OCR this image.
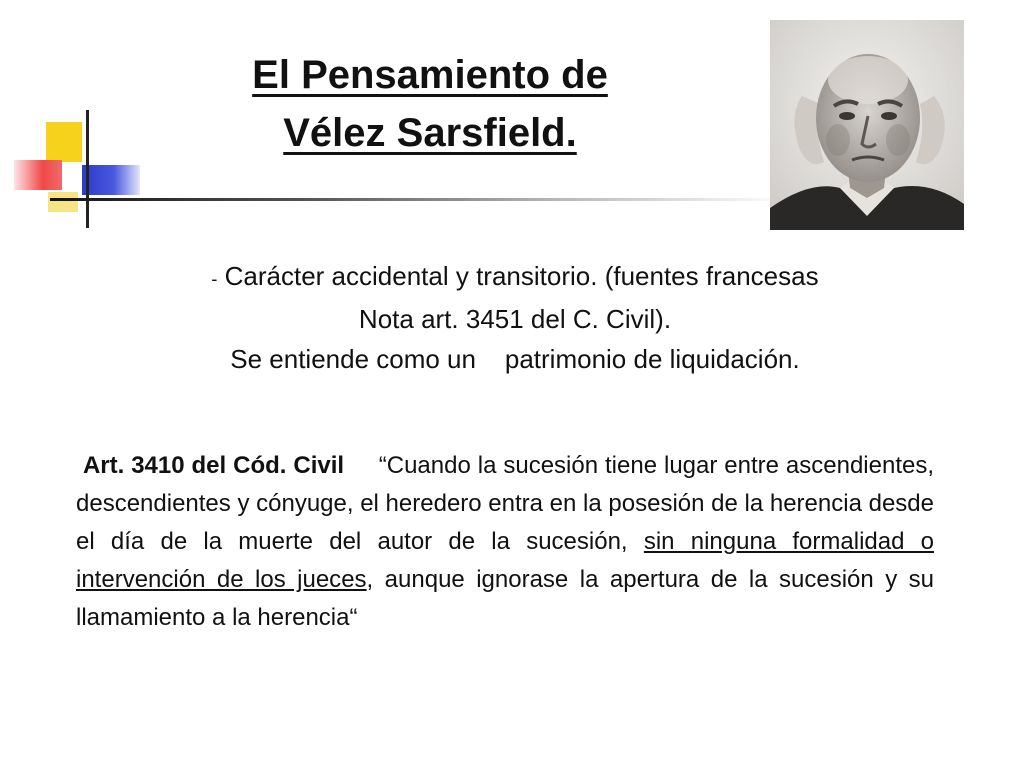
El Pensamiento de
Vélez Sarsfield.

- Carácter accidental y transitorio. (fuentes francesas
Nota art. 3451 del C. Civil).
Se entiende como un    patrimonio de liquidación.

Art. 3410 del Cód. Civil “Cuando la sucesión tiene lugar entre ascendientes, descendientes y cónyuge, el heredero entra en la posesión de la herencia desde el día de la muerte del autor de la sucesión, sin ninguna formalidad o intervención de los jueces, aunque ignorase la apertura de la sucesión y su llamamiento a la herencia“
